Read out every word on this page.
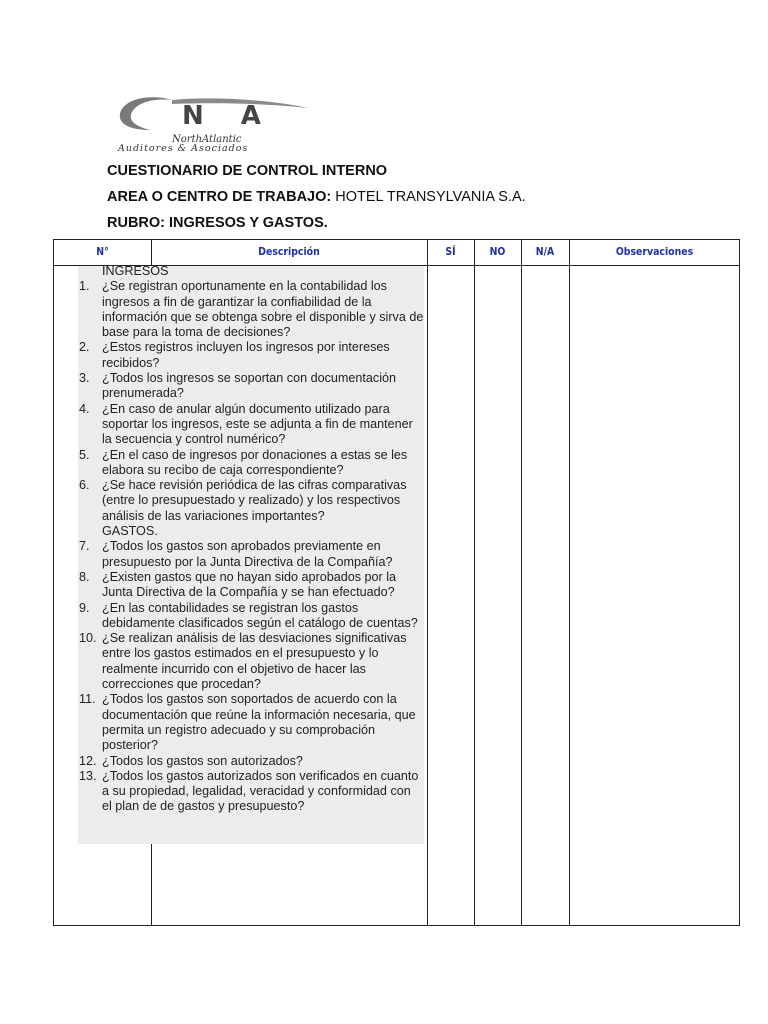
N A
NorthAtlantic
Auditores & Asociados
CUESTIONARIO DE CONTROL INTERNO
AREA O CENTRO DE TRABAJO: HOTEL TRANSYLVANIA S.A.
RUBRO: INGRESOS Y GASTOS.
N°	Descripción	SÍ	NO	N/A	Observaciones
INGRESOS
1. ¿Se registran oportunamente en la contabilidad los ingresos a fin de garantizar la confiabilidad de la información que se obtenga sobre el disponible y sirva de base para la toma de decisiones?
2. ¿Estos registros incluyen los ingresos por intereses recibidos?
3. ¿Todos los ingresos se soportan con documentación prenumerada?
4. ¿En caso de anular algún documento utilizado para soportar los ingresos, este se adjunta a fin de mantener la secuencia y control numérico?
5. ¿En el caso de ingresos por donaciones a estas se les elabora su recibo de caja correspondiente?
6. ¿Se hace revisión periódica de las cifras comparativas (entre lo presupuestado y realizado) y los respectivos análisis de las variaciones importantes?
GASTOS.
7. ¿Todos los gastos son aprobados previamente en presupuesto por la Junta Directiva de la Compañía?
8. ¿Existen gastos que no hayan sido aprobados por la Junta Directiva de la Compañía y se han efectuado?
9. ¿En las contabilidades se registran los gastos debidamente clasificados según el catálogo de cuentas?
10. ¿Se realizan análisis de las desviaciones significativas entre los gastos estimados en el presupuesto y lo realmente incurrido con el objetivo de hacer las correcciones que procedan?
11. ¿Todos los gastos son soportados de acuerdo con la documentación que reúne la información necesaria, que permita un registro adecuado y su comprobación posterior?
12. ¿Todos los gastos son autorizados?
13. ¿Todos los gastos autorizados son verificados en cuanto a su propiedad, legalidad, veracidad y conformidad con el plan de de gastos y presupuesto?
